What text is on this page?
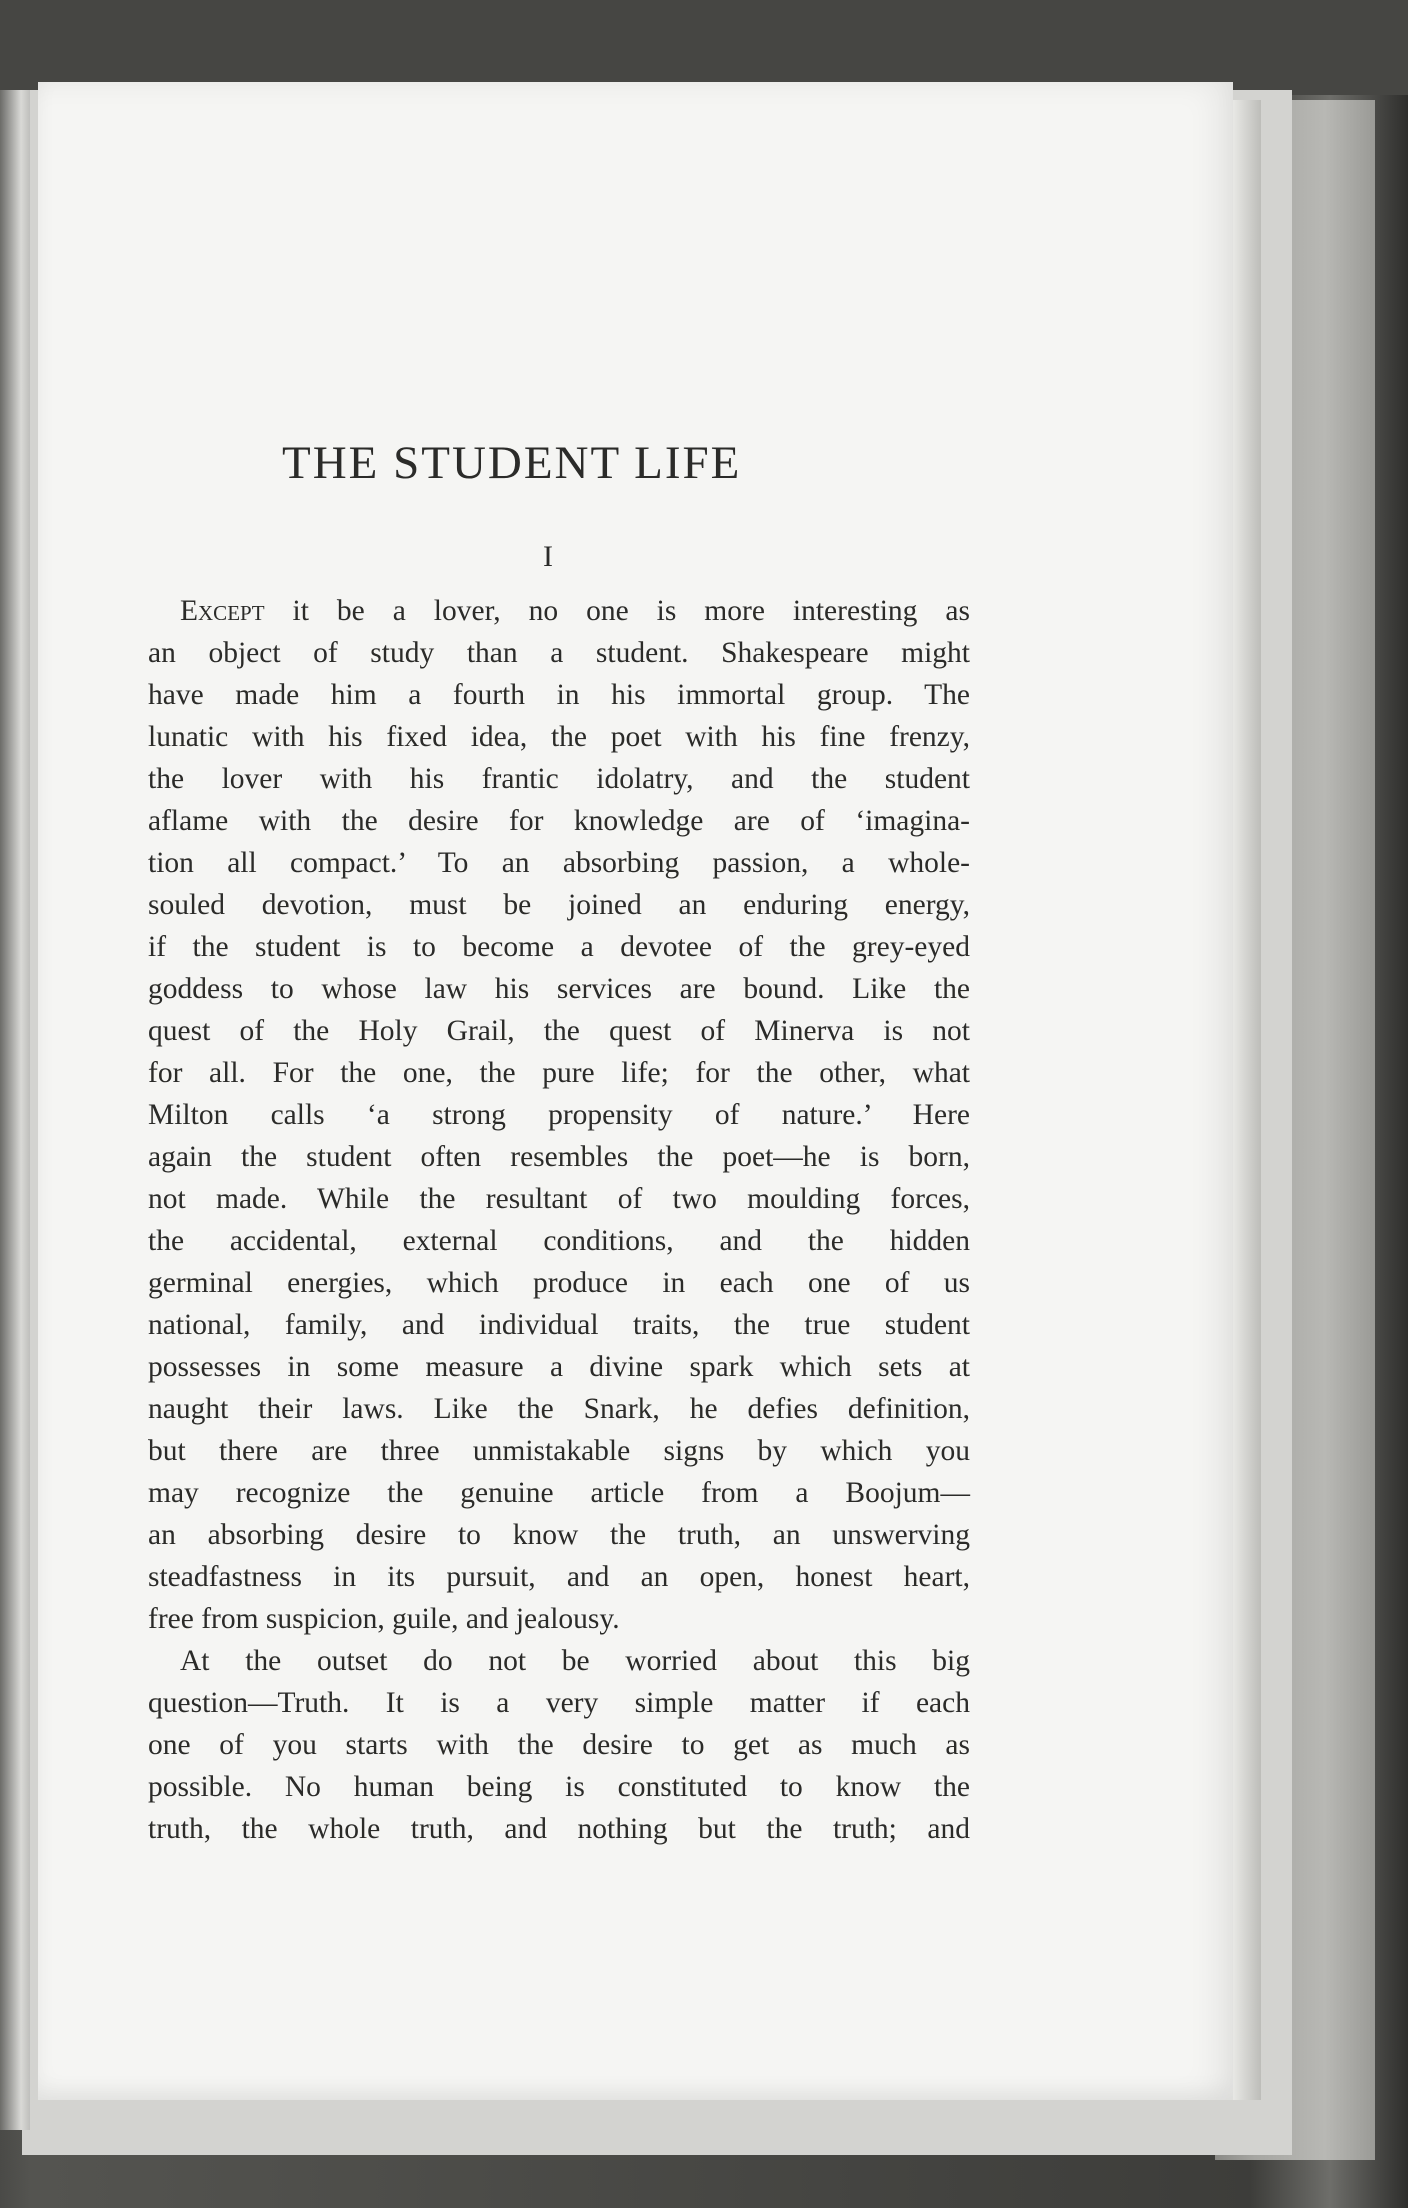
THE STUDENT LIFE

I

Except it be a lover, no one is more interesting as
an object of study than a student. Shakespeare might
have made him a fourth in his immortal group. The
lunatic with his fixed idea, the poet with his fine frenzy,
the lover with his frantic idolatry, and the student
aflame with the desire for knowledge are of ‘imagina-
tion all compact.’ To an absorbing passion, a whole-
souled devotion, must be joined an enduring energy,
if the student is to become a devotee of the grey-eyed
goddess to whose law his services are bound. Like the
quest of the Holy Grail, the quest of Minerva is not
for all. For the one, the pure life; for the other, what
Milton calls ‘a strong propensity of nature.’ Here
again the student often resembles the poet—he is born,
not made. While the resultant of two moulding forces,
the accidental, external conditions, and the hidden
germinal energies, which produce in each one of us
national, family, and individual traits, the true student
possesses in some measure a divine spark which sets at
naught their laws. Like the Snark, he defies definition,
but there are three unmistakable signs by which you
may recognize the genuine article from a Boojum—
an absorbing desire to know the truth, an unswerving
steadfastness in its pursuit, and an open, honest heart,
free from suspicion, guile, and jealousy.
At the outset do not be worried about this big
question—Truth. It is a very simple matter if each
one of you starts with the desire to get as much as
possible. No human being is constituted to know the
truth, the whole truth, and nothing but the truth; and
